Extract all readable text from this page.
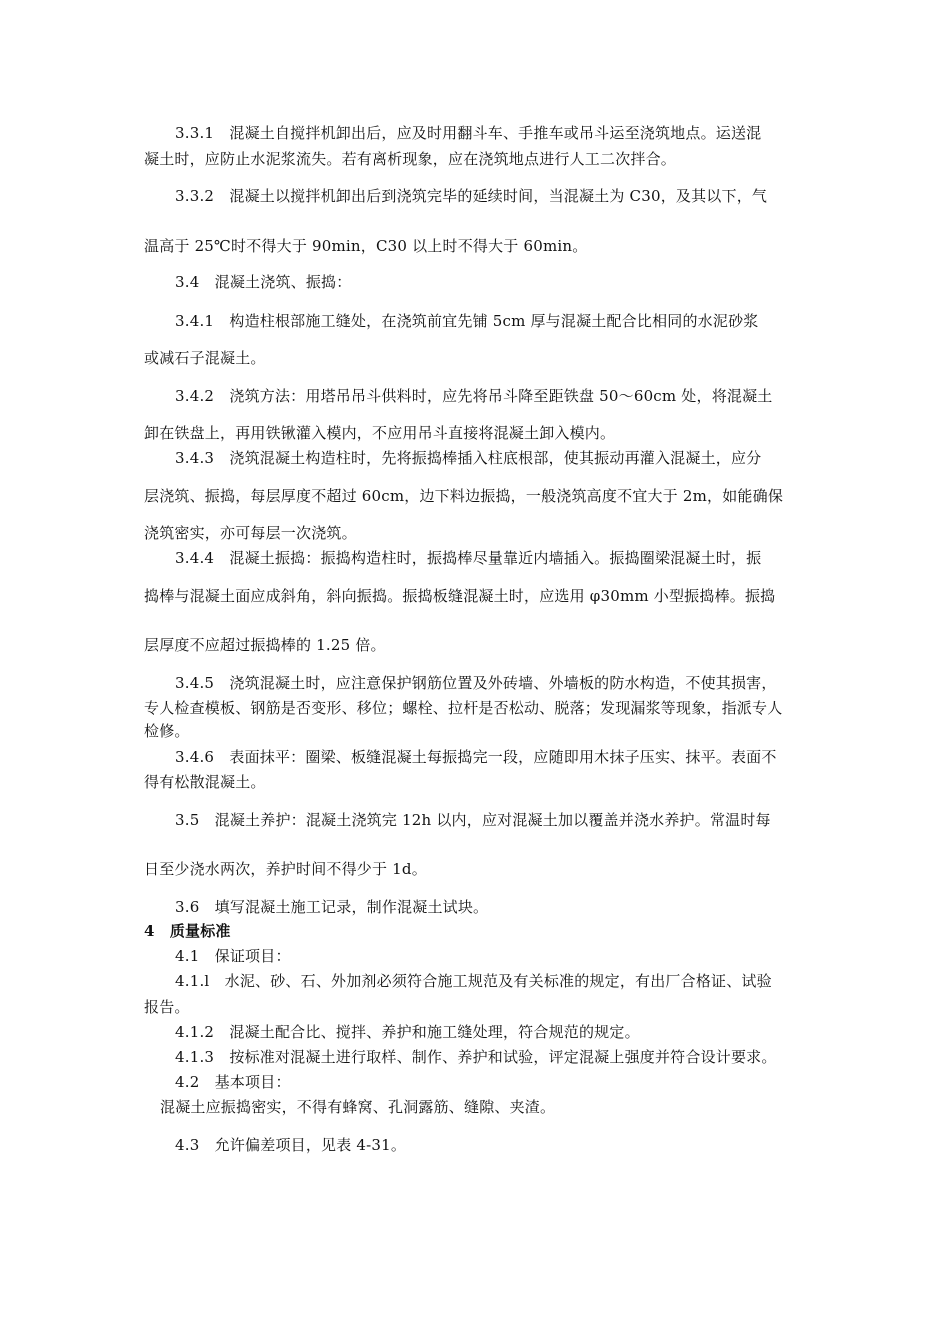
3.3.1　混凝土自搅拌机卸出后，应及时用翻斗车、手推车或吊斗运至浇筑地点。运送混
凝土时，应防止水泥浆流失。若有离析现象，应在浇筑地点进行人工二次拌合。
3.3.2　混凝土以搅拌机卸出后到浇筑完毕的延续时间，当混凝土为 C30，及其以下，气
温高于 25℃时不得大于 90min，C30 以上时不得大于 60min。
3.4　混凝土浇筑、振捣：
3.4.1　构造柱根部施工缝处，在浇筑前宜先铺 5cm 厚与混凝土配合比相同的水泥砂浆
或减石子混凝土。
3.4.2　浇筑方法：用塔吊吊斗供料时，应先将吊斗降至距铁盘 50～60cm 处，将混凝土
卸在铁盘上，再用铁锹灌入模内，不应用吊斗直接将混凝土卸入模内。
3.4.3　浇筑混凝土构造柱时，先将振捣棒插入柱底根部，使其振动再灌入混凝土，应分
层浇筑、振捣，每层厚度不超过 60cm，边下料边振捣，一般浇筑高度不宜大于 2m，如能确保
浇筑密实，亦可每层一次浇筑。
3.4.4　混凝土振捣：振捣构造柱时，振捣棒尽量靠近内墙插入。振捣圈梁混凝土时，振
捣棒与混凝土面应成斜角，斜向振捣。振捣板缝混凝土时，应选用 φ30mm 小型振捣棒。振捣
层厚度不应超过振捣棒的 1.25 倍。
3.4.5　浇筑混凝土时，应注意保护钢筋位置及外砖墙、外墙板的防水构造，不使其损害，
专人检查模板、钢筋是否变形、移位；螺栓、拉杆是否松动、脱落；发现漏浆等现象，指派专人
检修。
3.4.6　表面抹平：圈梁、板缝混凝土每振捣完一段，应随即用木抹子压实、抹平。表面不
得有松散混凝土。
3.5　混凝土养护：混凝土浇筑完 12h 以内，应对混凝土加以覆盖并浇水养护。常温时每
日至少浇水两次，养护时间不得少于 1d。
3.6　填写混凝土施工记录，制作混凝土试块。
4　质量标准
4.1　保证项目：
4.1.l　水泥、砂、石、外加剂必须符合施工规范及有关标准的规定，有出厂合格证、试验
报告。
4.1.2　混凝土配合比、搅拌、养护和施工缝处理，符合规范的规定。
4.1.3　按标准对混凝土进行取样、制作、养护和试验，评定混凝上强度并符合设计要求。
4.2　基本项目：
混凝土应振捣密实，不得有蜂窝、孔洞露筋、缝隙、夹渣。
4.3　允许偏差项目，见表 4-31。
